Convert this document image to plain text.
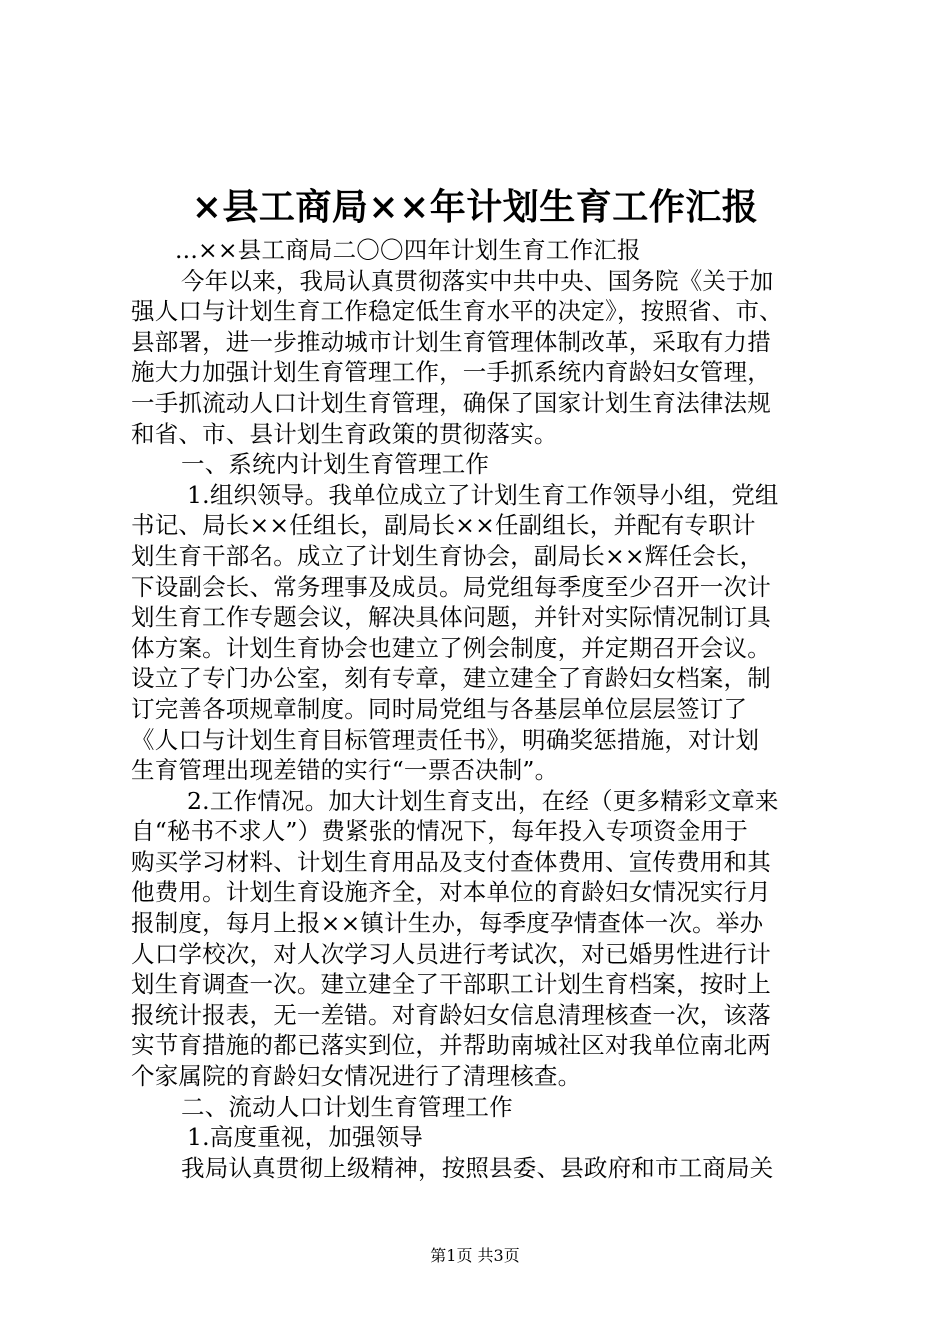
×县工商局××年计划生育工作汇报
...××县工商局二〇〇四年计划生育工作汇报
今年以来，我局认真贯彻落实中共中央、国务院《关于加
强人口与计划生育工作稳定低生育水平的决定》，按照省、市、
县部署，进一步推动城市计划生育管理体制改革，采取有力措
施大力加强计划生育管理工作，一手抓系统内育龄妇女管理，
一手抓流动人口计划生育管理，确保了国家计划生育法律法规
和省、市、县计划生育政策的贯彻落实。
一、系统内计划生育管理工作
1.组织领导。我单位成立了计划生育工作领导小组，党组
书记、局长××任组长，副局长××任副组长，并配有专职计
划生育干部名。成立了计划生育协会，副局长××辉任会长，
下设副会长、常务理事及成员。局党组每季度至少召开一次计
划生育工作专题会议，解决具体问题，并针对实际情况制订具
体方案。计划生育协会也建立了例会制度，并定期召开会议。
设立了专门办公室，刻有专章，建立建全了育龄妇女档案，制
订完善各项规章制度。同时局党组与各基层单位层层签订了
《人口与计划生育目标管理责任书》，明确奖惩措施，对计划
生育管理出现差错的实行“一票否决制”。
2.工作情况。加大计划生育支出，在经（更多精彩文章来
自“秘书不求人”）费紧张的情况下，每年投入专项资金用于
购买学习材料、计划生育用品及支付查体费用、宣传费用和其
他费用。计划生育设施齐全，对本单位的育龄妇女情况实行月
报制度，每月上报××镇计生办，每季度孕情查体一次。举办
人口学校次，对人次学习人员进行考试次，对已婚男性进行计
划生育调查一次。建立建全了干部职工计划生育档案，按时上
报统计报表，无一差错。对育龄妇女信息清理核查一次，该落
实节育措施的都已落实到位，并帮助南城社区对我单位南北两
个家属院的育龄妇女情况进行了清理核查。
二、流动人口计划生育管理工作
1.高度重视，加强领导
我局认真贯彻上级精神，按照县委、县政府和市工商局关
第1页 共3页
